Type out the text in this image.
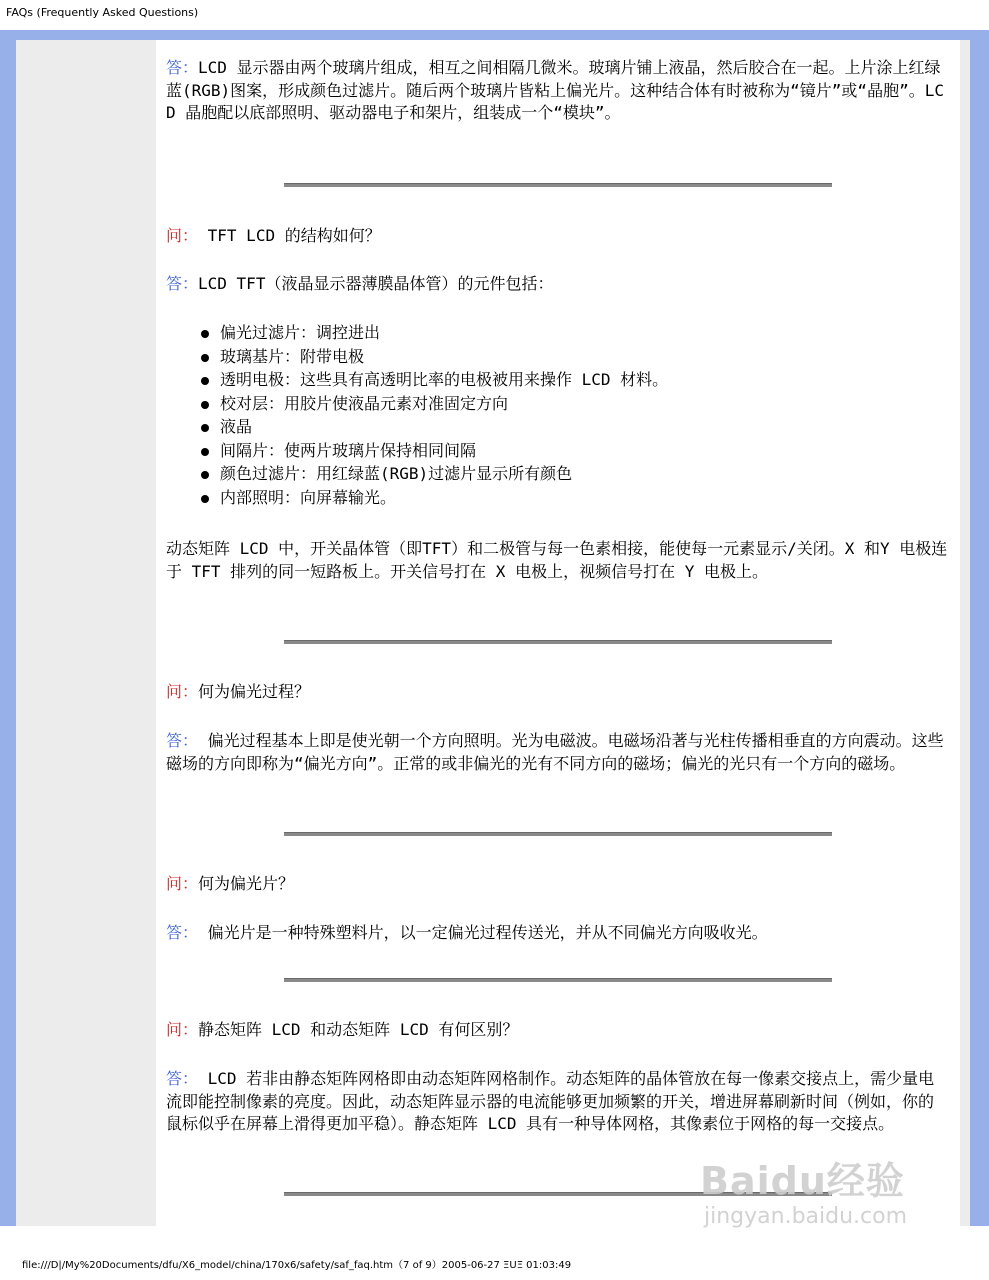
FAQs (Frequently Asked Questions)
答：LCD 显示器由两个玻璃片组成，相互之间相隔几微米。玻璃片铺上液晶，然后胶合在一起。上片涂上红绿蓝(RGB)图案，形成颜色过滤片。随后两个玻璃片皆粘上偏光片。这种结合体有时被称为“镜片”或“晶胞”。LCD 晶胞配以底部照明、驱动器电子和架片，组装成一个“模块”。
问： TFT LCD 的结构如何？
答：LCD TFT（液晶显示器薄膜晶体管）的元件包括：
偏光过滤片：调控进出
玻璃基片：附带电极
透明电极：这些具有高透明比率的电极被用来操作 LCD 材料。
校对层：用胶片使液晶元素对准固定方向
液晶
间隔片：使两片玻璃片保持相同间隔
颜色过滤片：用红绿蓝(RGB)过滤片显示所有颜色
内部照明：向屏幕输光。
动态矩阵 LCD 中，开关晶体管（即TFT）和二极管与每一色素相接，能使每一元素显示/关闭。X 和Y 电极连于 TFT 排列的同一短路板上。开关信号打在 X 电极上，视频信号打在 Y 电极上。
问：何为偏光过程？
答： 偏光过程基本上即是使光朝一个方向照明。光为电磁波。电磁场沿著与光柱传播相垂直的方向震动。这些磁场的方向即称为“偏光方向”。正常的或非偏光的光有不同方向的磁场；偏光的光只有一个方向的磁场。
问：何为偏光片？
答： 偏光片是一种特殊塑料片，以一定偏光过程传送光，并从不同偏光方向吸收光。
问：静态矩阵 LCD 和动态矩阵 LCD 有何区别？
答： LCD 若非由静态矩阵网格即由动态矩阵网格制作。动态矩阵的晶体管放在每一像素交接点上，需少量电流即能控制像素的亮度。因此，动态矩阵显示器的电流能够更加频繁的开关，增进屏幕刷新时间（例如，你的鼠标似乎在屏幕上滑得更加平稳）。静态矩阵 LCD 具有一种导体网格，其像素位于网格的每一交接点。
Baidu经验
jingyan.baidu.com
file:///D|/My%20Documents/dfu/X6_model/china/170x6/safety/saf_faq.htm（7 of 9）2005-06-27 ΞUΞ 01:03:49
